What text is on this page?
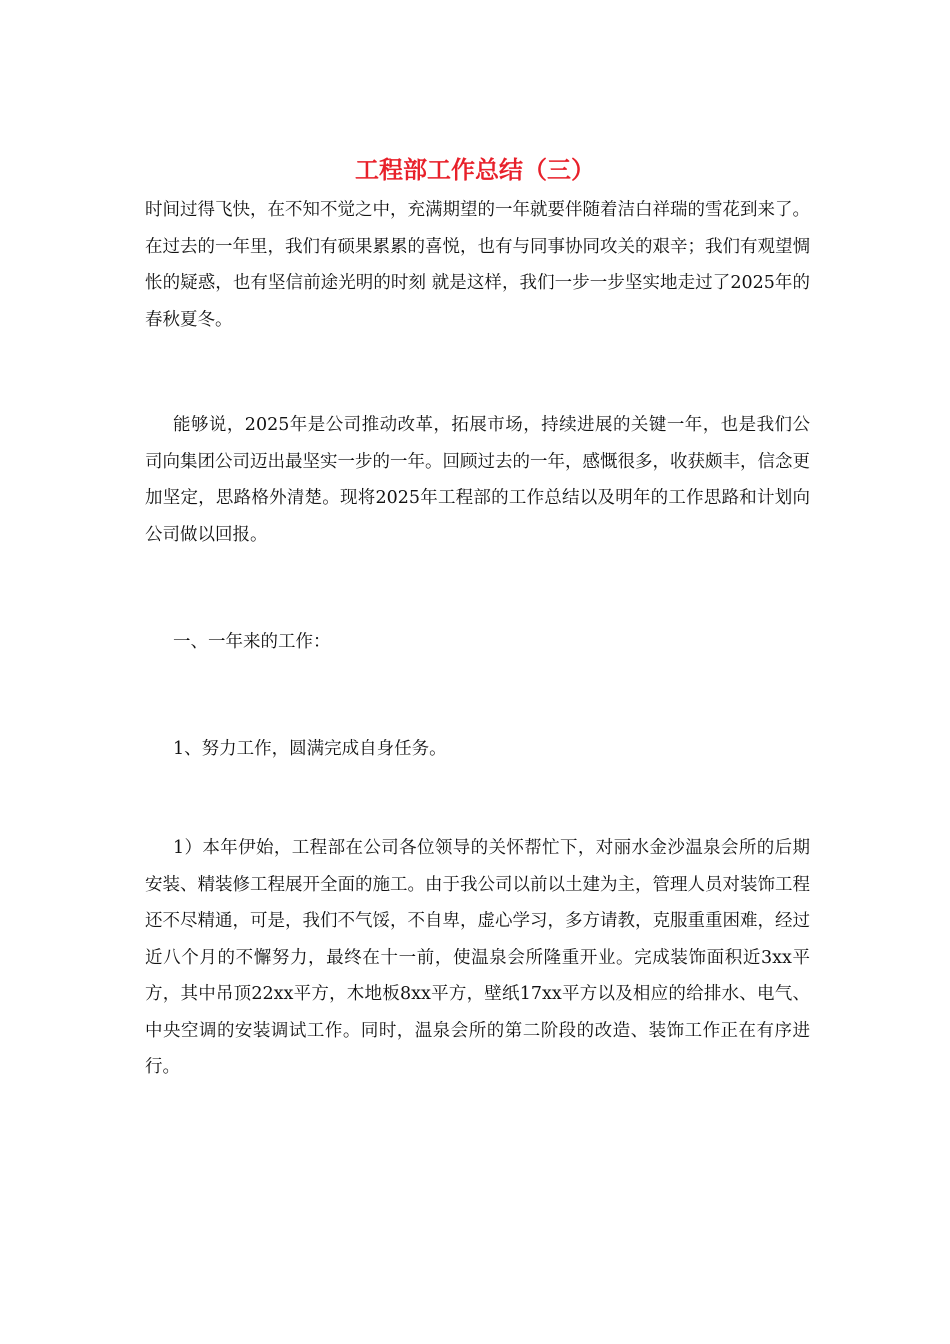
工程部工作总结（三）

时间过得飞快，在不知不觉之中，充满期望的一年就要伴随着洁白祥瑞的雪花到来了。在过去的一年里，我们有硕果累累的喜悦，也有与同事协同攻关的艰辛；我们有观望惆怅的疑惑，也有坚信前途光明的时刻 就是这样，我们一步一步坚实地走过了2025年的春秋夏冬。

能够说，2025年是公司推动改革，拓展市场，持续进展的关键一年，也是我们公司向集团公司迈出最坚实一步的一年。回顾过去的一年，感慨很多，收获颇丰，信念更加坚定，思路格外清楚。现将2025年工程部的工作总结以及明年的工作思路和计划向公司做以回报。

一、一年来的工作：

1、努力工作，圆满完成自身任务。

1）本年伊始，工程部在公司各位领导的关怀帮忙下，对丽水金沙温泉会所的后期安装、精装修工程展开全面的施工。由于我公司以前以土建为主，管理人员对装饰工程还不尽精通，可是，我们不气馁，不自卑，虚心学习，多方请教，克服重重困难，经过近八个月的不懈努力，最终在十一前，使温泉会所隆重开业。完成装饰面积近3xx平方，其中吊顶22xx平方，木地板8xx平方，壁纸17xx平方以及相应的给排水、电气、中央空调的安装调试工作。同时，温泉会所的第二阶段的改造、装饰工作正在有序进行。
